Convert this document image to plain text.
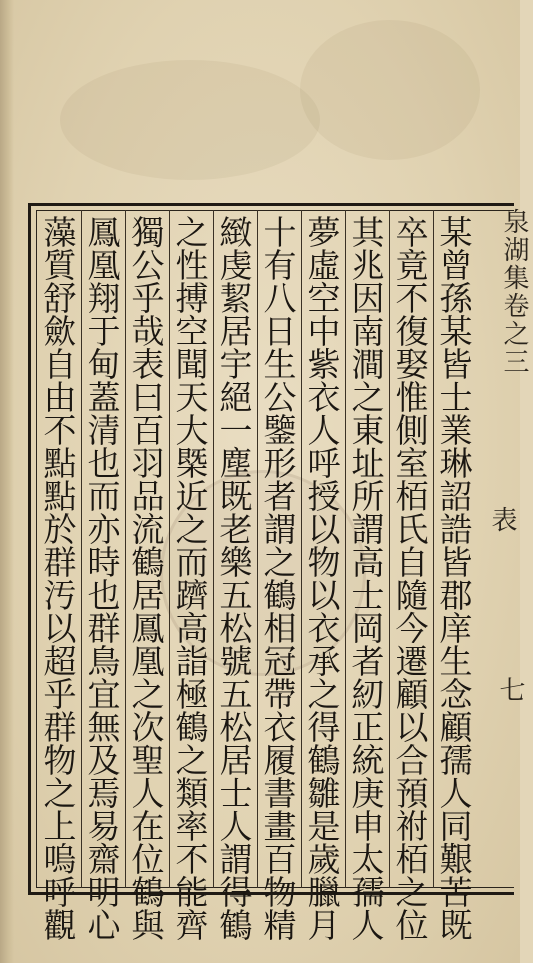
泉湖集卷之三
表
七
某
曾
孫
某
皆
士
業
琳
詔
誥
皆
郡
庠
生
念
顧
孺
人
同
艱
苦
既
卒
竟
不
復
娶
惟
側
室
栢
氏
自
隨
今
遷
顧
以
合
預
祔
栢
之
位
其
兆
因
南
澗
之
東
址
所
謂
高
士
岡
者
紉
正
統
庚
申
太
孺
人
夢
虛
空
中
紫
衣
人
呼
授
以
物
以
衣
承
之
得
鶴
雛
是
歲
臘
月
十
有
八
日
生
公
鑒
形
者
謂
之
鶴
相
冠
帶
衣
履
書
畫
百
物
精
緻
虔
絜
居
宇
絕
一
塵
既
老
樂
五
松
號
五
松
居
士
人
謂
得
鶴
之
性
搏
空
聞
天
大
槩
近
之
而
躋
高
詣
極
鶴
之
類
率
不
能
齊
獨
公
乎
哉
表
曰
百
羽
品
流
鶴
居
鳳
凰
之
次
聖
人
在
位
鶴
與
鳳
凰
翔
于
甸
蓋
清
也
而
亦
時
也
群
鳥
宜
無
及
焉
易
齋
明
心
藻
質
舒
歛
自
由
不
點
點
於
群
汚
以
超
乎
群
物
之
上
嗚
呼
觀
